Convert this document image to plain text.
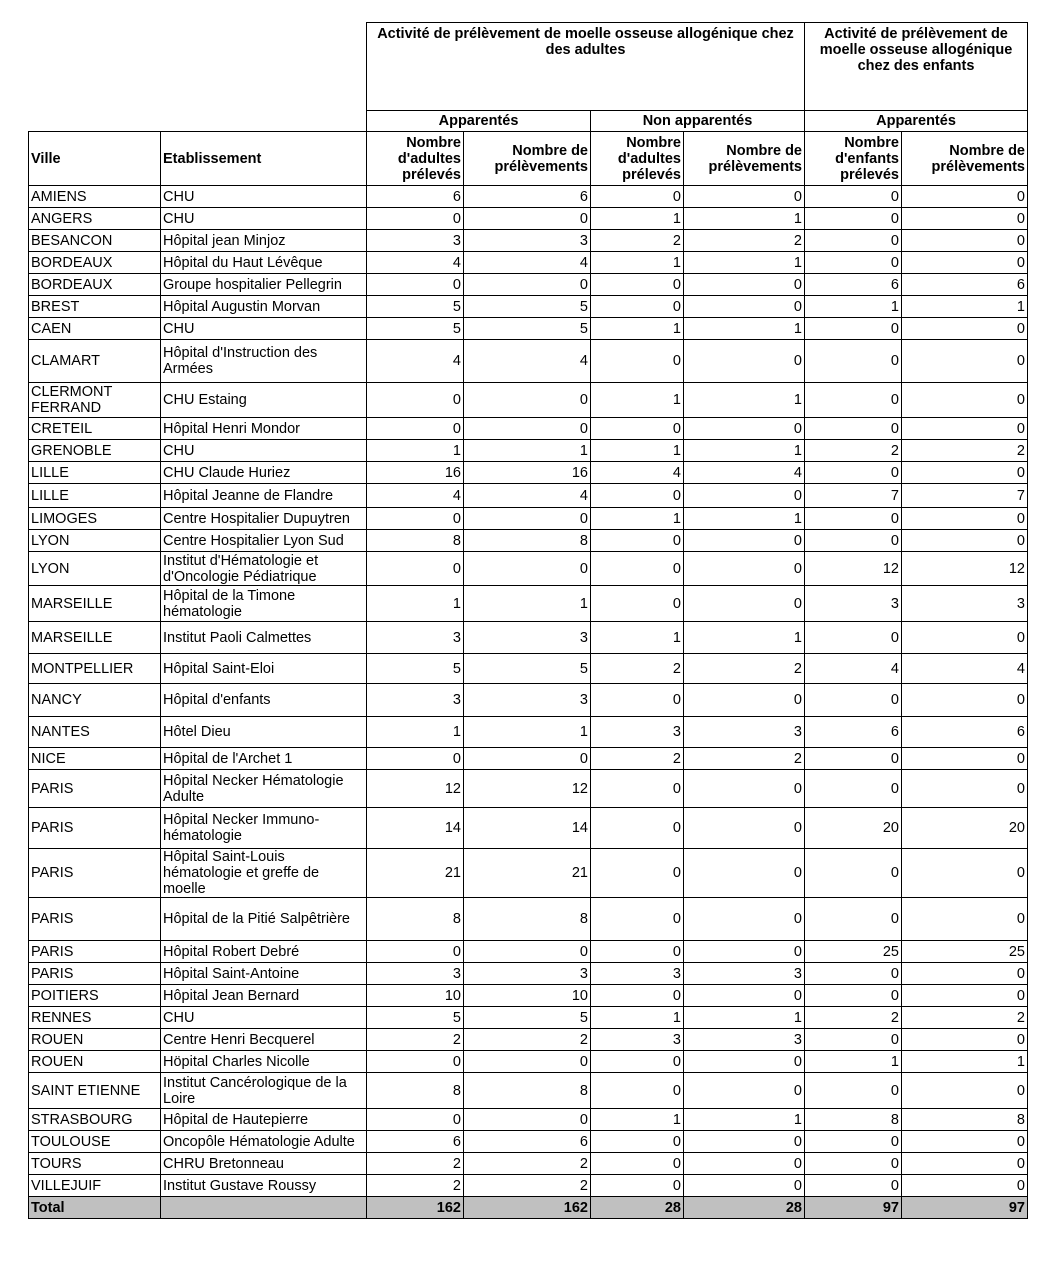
		Activité de prélèvement de moelle osseuse allogénique chez des adultes				Activité de prélèvement de moelle osseuse allogénique chez des enfants	
		Apparentés		Non apparentés		Apparentés	
Ville	Etablissement	Nombre d'adultes prélevés	Nombre de prélèvements	Nombre d'adultes prélevés	Nombre de prélèvements	Nombre d'enfants prélevés	Nombre de prélèvements
AMIENS	CHU	6	6	0	0	0	0
ANGERS	CHU	0	0	1	1	0	0
BESANCON	Hôpital jean Minjoz	3	3	2	2	0	0
BORDEAUX	Hôpital du Haut Lévêque	4	4	1	1	0	0
BORDEAUX	Groupe hospitalier Pellegrin	0	0	0	0	6	6
BREST	Hôpital Augustin Morvan	5	5	0	0	1	1
CAEN	CHU	5	5	1	1	0	0
CLAMART	Hôpital d'Instruction des Armées	4	4	0	0	0	0
CLERMONT FERRAND	CHU Estaing	0	0	1	1	0	0
CRETEIL	Hôpital Henri Mondor	0	0	0	0	0	0
GRENOBLE	CHU	1	1	1	1	2	2
LILLE	CHU Claude Huriez	16	16	4	4	0	0
LILLE	Hôpital Jeanne de Flandre	4	4	0	0	7	7
LIMOGES	Centre Hospitalier Dupuytren	0	0	1	1	0	0
LYON	Centre Hospitalier Lyon Sud	8	8	0	0	0	0
LYON	Institut d'Hématologie et d'Oncologie Pédiatrique	0	0	0	0	12	12
MARSEILLE	Hôpital de la Timone hématologie	1	1	0	0	3	3
MARSEILLE	Institut Paoli Calmettes	3	3	1	1	0	0
MONTPELLIER	Hôpital Saint-Eloi	5	5	2	2	4	4
NANCY	Hôpital d'enfants	3	3	0	0	0	0
NANTES	Hôtel Dieu	1	1	3	3	6	6
NICE	Hôpital de l'Archet 1	0	0	2	2	0	0
PARIS	Hôpital Necker Hématologie Adulte	12	12	0	0	0	0
PARIS	Hôpital Necker Immuno-hématologie	14	14	0	0	20	20
PARIS	Hôpital Saint-Louis hématologie et greffe de moelle	21	21	0	0	0	0
PARIS	Hôpital de la Pitié Salpêtrière	8	8	0	0	0	0
PARIS	Hôpital Robert Debré	0	0	0	0	25	25
PARIS	Hôpital Saint-Antoine	3	3	3	3	0	0
POITIERS	Hôpital Jean Bernard	10	10	0	0	0	0
RENNES	CHU	5	5	1	1	2	2
ROUEN	Centre Henri Becquerel	2	2	3	3	0	0
ROUEN	Höpital Charles Nicolle	0	0	0	0	1	1
SAINT ETIENNE	Institut Cancérologique de la Loire	8	8	0	0	0	0
STRASBOURG	Hôpital de Hautepierre	0	0	1	1	8	8
TOULOUSE	Oncopôle Hématologie Adulte	6	6	0	0	0	0
TOURS	CHRU Bretonneau	2	2	0	0	0	0
VILLEJUIF	Institut Gustave Roussy	2	2	0	0	0	0
Total		162	162	28	28	97	97
